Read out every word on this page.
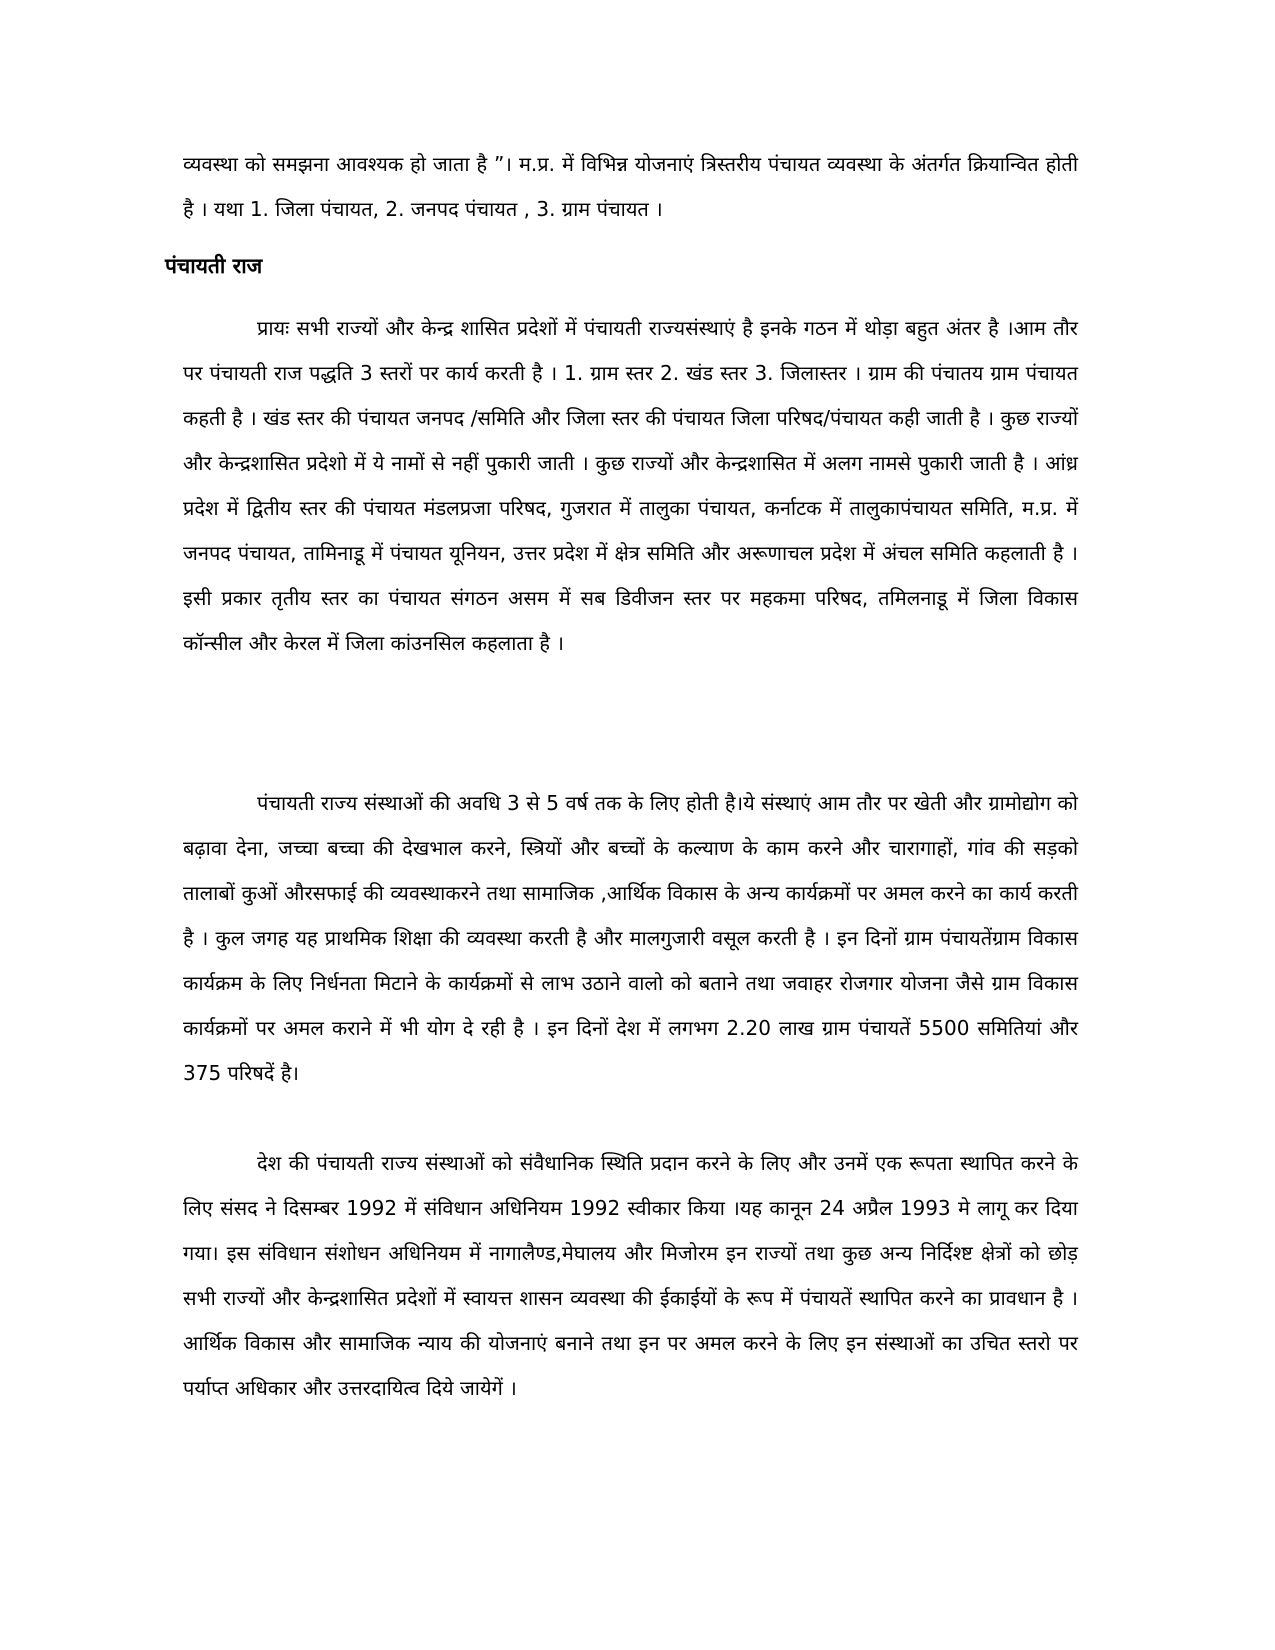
व्यवस्था को समझना आवश्यक हो जाता है ”। म.प्र. में विभिन्न योजनाएं त्रिस्तरीय पंचायत व्यवस्था के अंतर्गत क्रियान्वित होती है । यथा 1. जिला पंचायत, 2. जनपद पंचायत , 3. ग्राम पंचायत ।
पंचायती राज

प्रायः सभी राज्यों और केन्द्र शासित प्रदेशों में पंचायती राज्यसंस्थाएं है इनके गठन में थोड़ा बहुत अंतर है ।आम तौर पर पंचायती राज पद्धति 3 स्तरों पर कार्य करती है । 1. ग्राम स्तर 2. खंड स्तर 3. जिलास्तर । ग्राम की पंचातय ग्राम पंचायत कहती है । खंड स्तर की पंचायत जनपद /समिति और जिला स्तर की पंचायत जिला परिषद/पंचायत कही जाती है । कुछ राज्यों और केन्द्रशासित प्रदेशो में ये नामों से नहीं पुकारी जाती । कुछ राज्यों और केन्द्रशासित में अलग नामसे पुकारी जाती है । आंध्र प्रदेश में द्वितीय स्तर की पंचायत मंडलप्रजा परिषद, गुजरात में तालुका पंचायत, कर्नाटक में तालुकापंचायत समिति, म.प्र. में जनपद पंचायत, तामिनाडू में पंचायत यूनियन, उत्तर प्रदेश में क्षेत्र समिति और अरूणाचल प्रदेश में अंचल समिति कहलाती है ।इसी प्रकार तृतीय स्तर का पंचायत संगठन असम में सब डिवीजन स्तर पर महकमा परिषद, तमिलनाडू में जिला विकास कॉन्सील और केरल में जिला कांउनसिल कहलाता है ।

पंचायती राज्य संस्थाओं की अवधि 3 से 5 वर्ष तक के लिए होती है।ये संस्थाएं आम तौर पर खेती और ग्रामोद्योग को बढ़ावा देना, जच्चा बच्चा की देखभाल करने, स्त्रियों और बच्चों के कल्याण के काम करने और चारागाहों, गांव की सड़को तालाबों कुओं औरसफाई की व्यवस्थाकरने तथा सामाजिक ,आर्थिक विकास के अन्य कार्यक्रमों पर अमल करने का कार्य करती है । कुल जगह यह प्राथमिक शिक्षा की व्यवस्था करती है और मालगुजारी वसूल करती है । इन दिनों ग्राम पंचायतेंग्राम विकास कार्यक्रम के लिए निर्धनता मिटाने के कार्यक्रमों से लाभ उठाने वालो को बताने तथा जवाहर रोजगार योजना जैसे ग्राम विकास कार्यक्रमों पर अमल कराने में भी योग दे रही है । इन दिनों देश में लगभग 2.20 लाख ग्राम पंचायतें 5500 समितियां और 375 परिषदें है।

देश की पंचायती राज्य संस्थाओं को संवैधानिक स्थिति प्रदान करने के लिए और उनमें एक रूपता स्थापित करने के लिए संसद ने दिसम्बर 1992 में संविधान अधिनियम 1992 स्वीकार किया ।यह कानून 24 अप्रैल 1993 मे लागू कर दिया गया। इस संविधान संशोधन अधिनियम में नागालैण्ड,मेघालय और मिजोरम इन राज्यों तथा कुछ अन्य निर्दिश्ष्ट क्षेत्रों को छोड़ सभी राज्यों और केन्द्रशासित प्रदेशों में स्वायत्त शासन व्यवस्था की ईकाईयों के रूप में पंचायतें स्थापित करने का प्रावधान है । आर्थिक विकास और सामाजिक न्याय की योजनाएं बनाने तथा इन पर अमल करने के लिए इन संस्थाओं का उचित स्तरो पर पर्याप्त अधिकार और उत्तरदायित्व दिये जायेगें ।
